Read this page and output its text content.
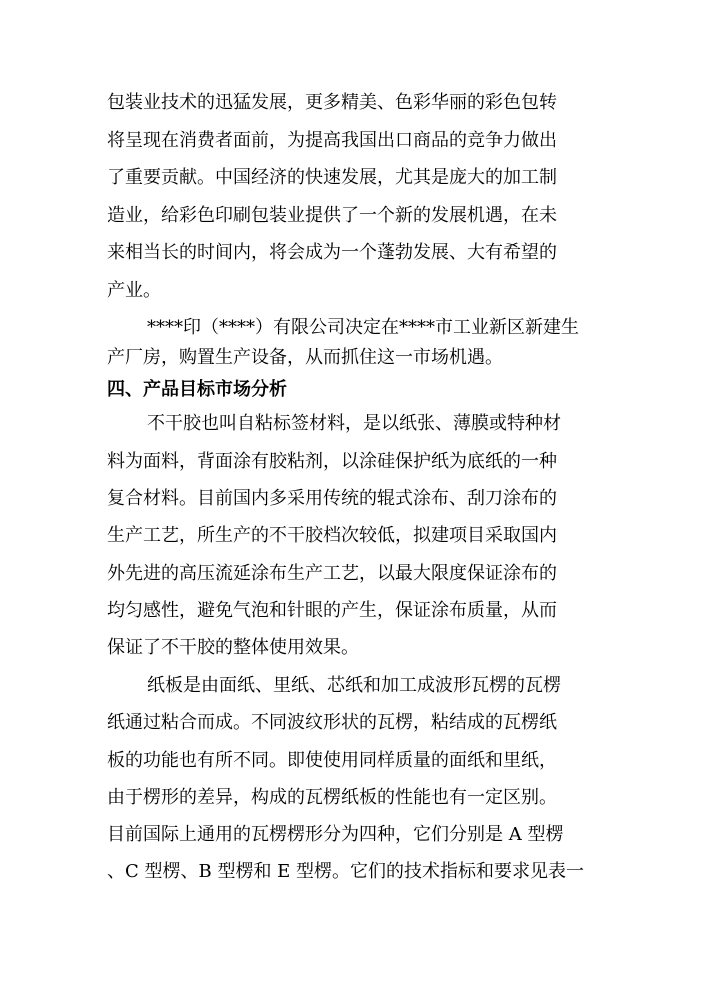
包装业技术的迅猛发展，更多精美、色彩华丽的彩色包转
将呈现在消费者面前，为提高我国出口商品的竞争力做出
了重要贡献。中国经济的快速发展，尤其是庞大的加工制
造业，给彩色印刷包装业提供了一个新的发展机遇，在未
来相当长的时间内，将会成为一个蓬勃发展、大有希望的
产业。
****印（****）有限公司决定在****市工业新区新建生
产厂房，购置生产设备，从而抓住这一市场机遇。
四、产品目标市场分析
不干胶也叫自粘标签材料，是以纸张、薄膜或特种材
料为面料，背面涂有胶粘剂，以涂硅保护纸为底纸的一种
复合材料。目前国内多采用传统的辊式涂布、刮刀涂布的
生产工艺，所生产的不干胶档次较低，拟建项目采取国内
外先进的高压流延涂布生产工艺，以最大限度保证涂布的
均匀感性，避免气泡和针眼的产生，保证涂布质量，从而
保证了不干胶的整体使用效果。
纸板是由面纸、里纸、芯纸和加工成波形瓦楞的瓦楞
纸通过粘合而成。不同波纹形状的瓦楞，粘结成的瓦楞纸
板的功能也有所不同。即使使用同样质量的面纸和里纸，
由于楞形的差异，构成的瓦楞纸板的性能也有一定区别。
目前国际上通用的瓦楞楞形分为四种，它们分别是 A 型楞
、C 型楞、B 型楞和 E 型楞。它们的技术指标和要求见表一
